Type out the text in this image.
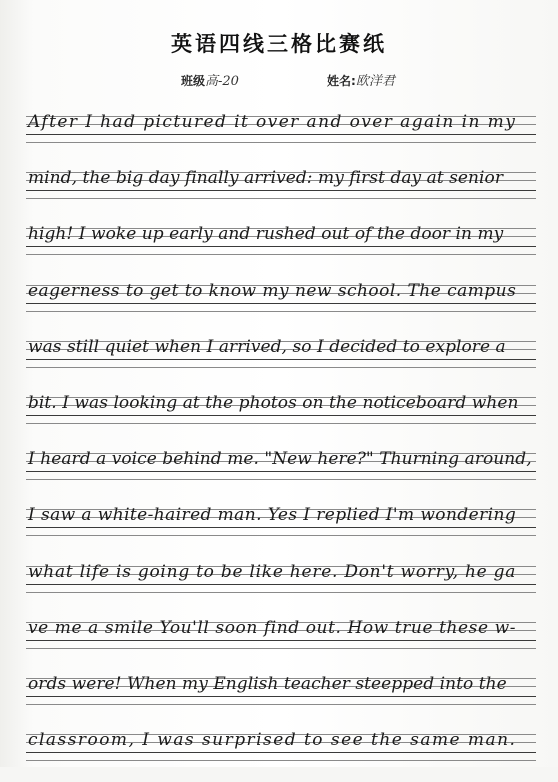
英语四线三格比赛纸
班级高-20	姓名:欧洋君
After I had pictured it over and over again in my
mind, the big day finally arrived: my first day at senior
high! I woke up early and rushed out of the door in my
eagerness to get to know my new school. The campus
was still quiet when I arrived, so I decided to explore a
bit. I was looking at the photos on the noticeboard when
I heard a voice behind me. "New here?" Thurning around,
I saw a white-haired man. Yes I replied I'm wondering
what life is going to be like here. Don't worry, he ga
ve me a smile You'll soon find out. How true these w-
ords were! When my English teacher steepped into the
classroom, I was surprised to see the same man.
